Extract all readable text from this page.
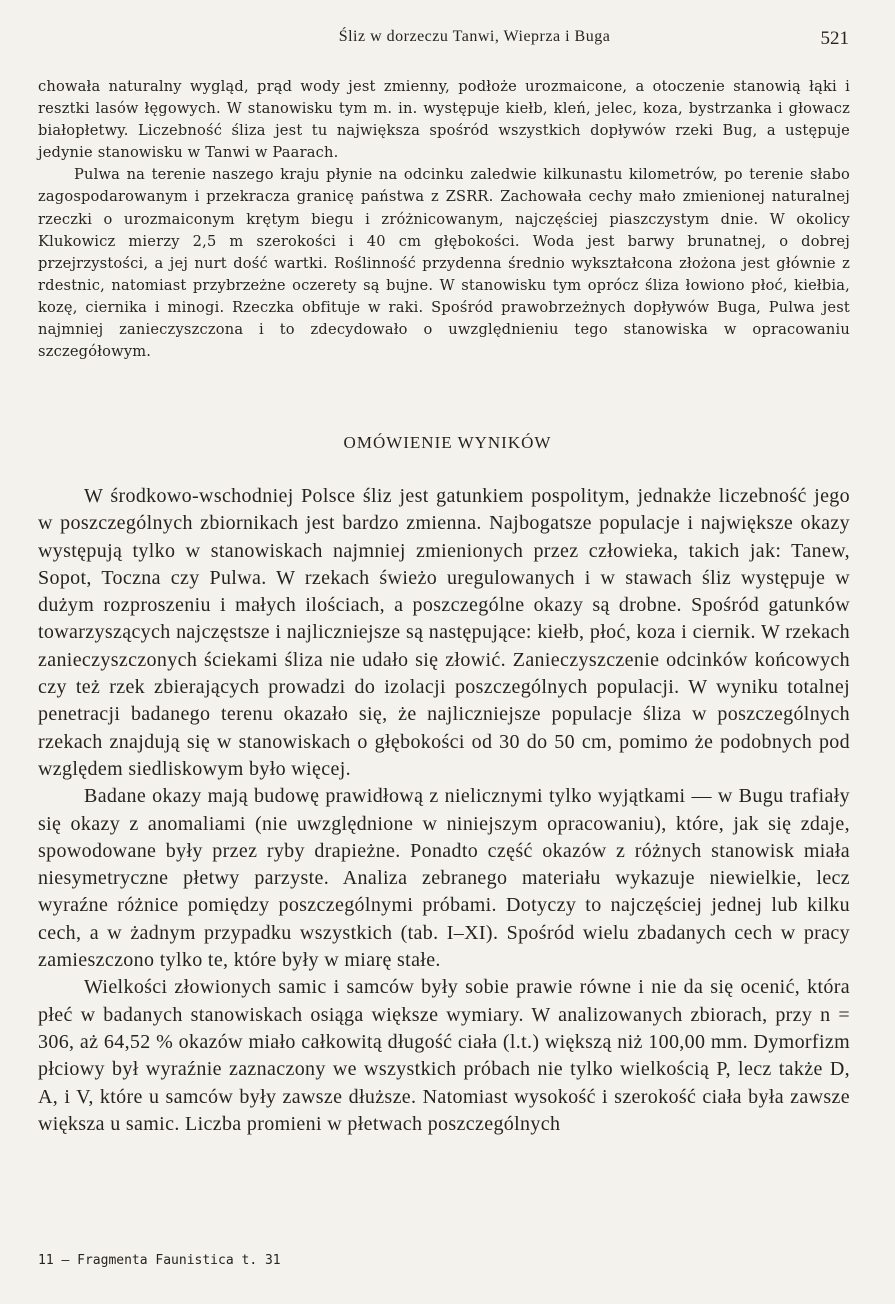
Śliz w dorzeczu Tanwi, Wieprza i Buga	521

chowała naturalny wygląd, prąd wody jest zmienny, podłoże urozmaicone, a otoczenie stanowią łąki i resztki lasów łęgowych. W stanowisku tym m. in. występuje kiełb, kleń, jelec, koza, bystrzanka i głowacz białopłetwy. Liczebność śliza jest tu największa spośród wszystkich dopływów rzeki Bug, a ustępuje jedynie stanowisku w Tanwi w Paarach.

Pulwa na terenie naszego kraju płynie na odcinku zaledwie kilkunastu kilometrów, po terenie słabo zagospodarowanym i przekracza granicę państwa z ZSRR. Zachowała cechy mało zmienionej naturalnej rzeczki o urozmaiconym krętym biegu i zróżnicowanym, najczęściej piaszczystym dnie. W okolicy Klukowicz mierzy 2,5 m szerokości i 40 cm głębokości. Woda jest barwy brunatnej, o dobrej przejrzystości, a jej nurt dość wartki. Roślinność przydenna średnio wykształcona złożona jest głównie z rdestnic, natomiast przybrzeżne oczerety są bujne. W stanowisku tym oprócz śliza łowiono płoć, kiełbia, kozę, ciernika i minogi. Rzeczka obfituje w raki. Spośród prawobrzeżnych dopływów Buga, Pulwa jest najmniej zanieczyszczona i to zdecydowało o uwzględnieniu tego stanowiska w opracowaniu szczegółowym.

OMÓWIENIE WYNIKÓW

W środkowo-wschodniej Polsce śliz jest gatunkiem pospolitym, jednakże liczebność jego w poszczególnych zbiornikach jest bardzo zmienna. Najbogatsze populacje i największe okazy występują tylko w stanowiskach najmniej zmienionych przez człowieka, takich jak: Tanew, Sopot, Toczna czy Pulwa. W rzekach świeżo uregulowanych i w stawach śliz występuje w dużym rozproszeniu i małych ilościach, a poszczególne okazy są drobne. Spośród gatunków towarzyszących najczęstsze i najliczniejsze są następujące: kiełb, płoć, koza i ciernik. W rzekach zanieczyszczonych ściekami śliza nie udało się złowić. Zanieczyszczenie odcinków końcowych czy też rzek zbierających prowadzi do izolacji poszczególnych populacji. W wyniku totalnej penetracji badanego terenu okazało się, że najliczniejsze populacje śliza w poszczególnych rzekach znajdują się w stanowiskach o głębokości od 30 do 50 cm, pomimo że podobnych pod względem siedliskowym było więcej.

Badane okazy mają budowę prawidłową z nielicznymi tylko wyjątkami — w Bugu trafiały się okazy z anomaliami (nie uwzględnione w niniejszym opracowaniu), które, jak się zdaje, spowodowane były przez ryby drapieżne. Ponadto część okazów z różnych stanowisk miała niesymetryczne płetwy parzyste. Analiza zebranego materiału wykazuje niewielkie, lecz wyraźne różnice pomiędzy poszczególnymi próbami. Dotyczy to najczęściej jednej lub kilku cech, a w żadnym przypadku wszystkich (tab. I–XI). Spośród wielu zbadanych cech w pracy zamieszczono tylko te, które były w miarę stałe.

Wielkości złowionych samic i samców były sobie prawie równe i nie da się ocenić, która płeć w badanych stanowiskach osiąga większe wymiary. W analizowanych zbiorach, przy n = 306, aż 64,52 % okazów miało całkowitą długość ciała (l.t.) większą niż 100,00 mm. Dymorfizm płciowy był wyraźnie zaznaczony we wszystkich próbach nie tylko wielkością P, lecz także D, A, i V, które u samców były zawsze dłuższe. Natomiast wysokość i szerokość ciała była zawsze większa u samic. Liczba promieni w płetwach poszczególnych

11 — Fragmenta Faunistica t. 31
